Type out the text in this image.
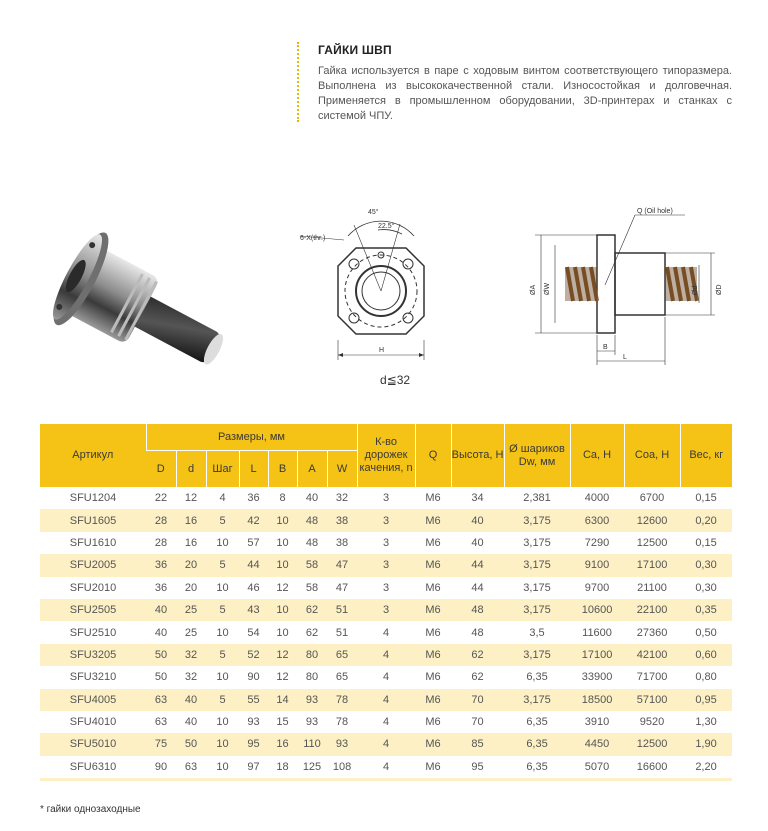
ГАЙКИ ШВП
Гайка используется в паре с ходовым винтом соответствующего типоразмера. Выполнена из высококачественной стали. Износостойкая и долговечная. Применяется в промышленном оборудовании, 3D-принтерах и станках с системой ЧПУ.
45°
22.5°
6-X(thr.)
H
d≦32
Q (Oil hole)
ØA ØW	Ød ØD
B
L
Артикул	Размеры, мм							К-во дорожек качения, n	Q	Высота, H	Ø шариков Dw, мм	Ca, H	Coa, H	Вес, кг
	D	d	Шаг	L	B	A	W							
SFU1204	22	12	4	36	8	40	32	3	M6	34	2,381	4000	6700	0,15
SFU1605	28	16	5	42	10	48	38	3	M6	40	3,175	6300	12600	0,20
SFU1610	28	16	10	57	10	48	38	3	M6	40	3,175	7290	12500	0,15
SFU2005	36	20	5	44	10	58	47	3	M6	44	3,175	9100	17100	0,30
SFU2010	36	20	10	46	12	58	47	3	M6	44	3,175	9700	21100	0,30
SFU2505	40	25	5	43	10	62	51	3	M6	48	3,175	10600	22100	0,35
SFU2510	40	25	10	54	10	62	51	4	M6	48	3,5	11600	27360	0,50
SFU3205	50	32	5	52	12	80	65	4	M6	62	3,175	17100	42100	0,60
SFU3210	50	32	10	90	12	80	65	4	M6	62	6,35	33900	71700	0,80
SFU4005	63	40	5	55	14	93	78	4	M6	70	3,175	18500	57100	0,95
SFU4010	63	40	10	93	15	93	78	4	M6	70	6,35	3910	9520	1,30
SFU5010	75	50	10	95	16	110	93	4	M6	85	6,35	4450	12500	1,90
SFU6310	90	63	10	97	18	125	108	4	M6	95	6,35	5070	16600	2,20
* гайки однозаходные
